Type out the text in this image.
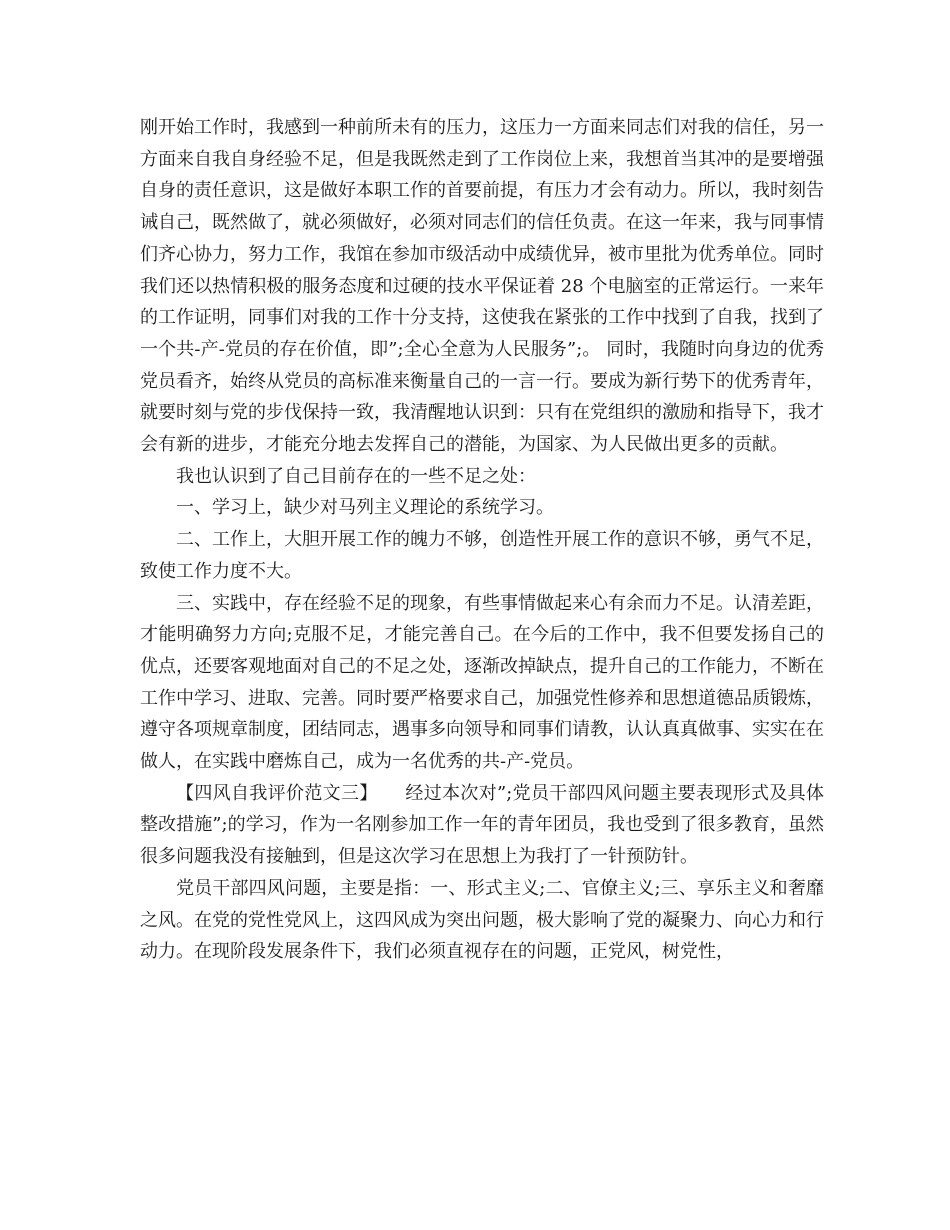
刚开始工作时，我感到一种前所未有的压力，这压力一方面来同志们对我的信任，另一方面来自我自身经验不足，但是我既然走到了工作岗位上来，我想首当其冲的是要增强自身的责任意识，这是做好本职工作的首要前提，有压力才会有动力。所以，我时刻告诫自己，既然做了，就必须做好，必须对同志们的信任负责。在这一年来，我与同事情们齐心协力，努力工作，我馆在参加市级活动中成绩优异，被市里批为优秀单位。同时我们还以热情积极的服务态度和过硬的技水平保证着 28 个电脑室的正常运行。一来年的工作证明，同事们对我的工作十分支持，这使我在紧张的工作中找到了自我，找到了一个共-产-党员的存在价值，即”;全心全意为人民服务”;。 同时，我随时向身边的优秀党员看齐，始终从党员的高标准来衡量自己的一言一行。要成为新行势下的优秀青年，就要时刻与党的步伐保持一致，我清醒地认识到：只有在党组织的激励和指导下，我才会有新的进步，才能充分地去发挥自己的潜能，为国家、为人民做出更多的贡献。

我也认识到了自己目前存在的一些不足之处：

一、学习上，缺少对马列主义理论的系统学习。

二、工作上，大胆开展工作的魄力不够，创造性开展工作的意识不够，勇气不足，致使工作力度不大。

三、实践中，存在经验不足的现象，有些事情做起来心有余而力不足。认清差距，才能明确努力方向;克服不足，才能完善自己。在今后的工作中，我不但要发扬自己的优点，还要客观地面对自己的不足之处，逐渐改掉缺点，提升自己的工作能力，不断在工作中学习、进取、完善。同时要严格要求自己，加强党性修养和思想道德品质锻炼，遵守各项规章制度，团结同志，遇事多向领导和同事们请教，认认真真做事、实实在在做人，在实践中磨炼自己，成为一名优秀的共-产-党员。

【四风自我评价范文三】　　经过本次对”;党员干部四风问题主要表现形式及具体整改措施”;的学习，作为一名刚参加工作一年的青年团员，我也受到了很多教育，虽然很多问题我没有接触到，但是这次学习在思想上为我打了一针预防针。

党员干部四风问题，主要是指：一、形式主义;二、官僚主义;三、享乐主义和奢靡之风。在党的党性党风上，这四风成为突出问题，极大影响了党的凝聚力、向心力和行动力。在现阶段发展条件下，我们必须直视存在的问题，正党风，树党性，
